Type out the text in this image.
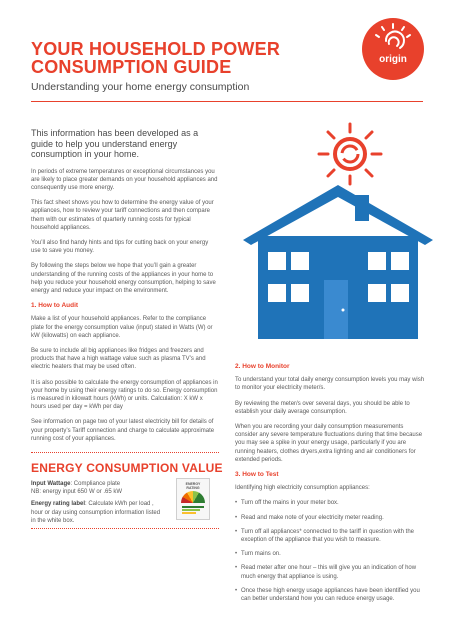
YOUR HOUSEHOLD POWER
CONSUMPTION GUIDE
Understanding your home energy consumption
origin

This information has been developed as a guide to help you understand energy consumption in your home.

In periods of extreme temperatures or exceptional circumstances you are likely to place greater demands on your household appliances and consequently use more energy.

This fact sheet shows you how to determine the energy value of your appliances, how to review your tariff connections and then compare them with our estimates of quarterly running costs for typical household appliances.

You’ll also find handy hints and tips for cutting back on your energy use to save you money.

By following the steps below we hope that you’ll gain a greater understanding of the running costs of the appliances in your home to help you reduce your household energy consumption, helping to save energy and reduce your impact on the environment.

1. How to Audit

Make a list of your household appliances. Refer to the compliance plate for the energy consumption value (input) stated in Watts (W) or kW (kilowatts) on each appliance.

Be sure to include all big appliances like fridges and freezers and products that have a high wattage value such as plasma TV’s and electric heaters that may be used often.

It is also possible to calculate the energy consumption of appliances in your home by using their energy ratings to do so. Energy consumption is measured in kilowatt hours (kWh) or units. Calculation: X kW x hours used per day = kWh per day

See information on page two of your latest electricity bill for details of your property’s Tariff connection and charge to calculate approximate running cost of your appliances.

ENERGY CONSUMPTION VALUE

Input Wattage: Compliance plate
NB: energy input 650 W or .65 kW

Energy rating label: Calculate kWh per load , hour or day using consumption information listed in the white box.

ENERGY RATING

2. How to Monitor

To understand your total daily energy consumption levels you may wish to monitor your electricity meter/s.

By reviewing the meter/s over several days, you should be able to establish your daily average consumption.

When you are recording your daily consumption measurements consider any severe temperature fluctuations during that time because you may see a spike in your energy usage, particularly if you are running heaters, clothes dryers,extra lighting and air conditioners for extended periods.

3. How to Test

Identifying high electricity consumption appliances:

• Turn off the mains in your meter box.
• Read and make note of your electricity meter reading.
• Turn off all appliances* connected to the tariff in question with the exception of the appliance that you wish to measure.
• Turn mains on.
• Read meter after one hour – this will give you an indication of how much energy that appliance is using.
• Once these high energy usage appliances have been identified you can better understand how you can reduce energy usage.
